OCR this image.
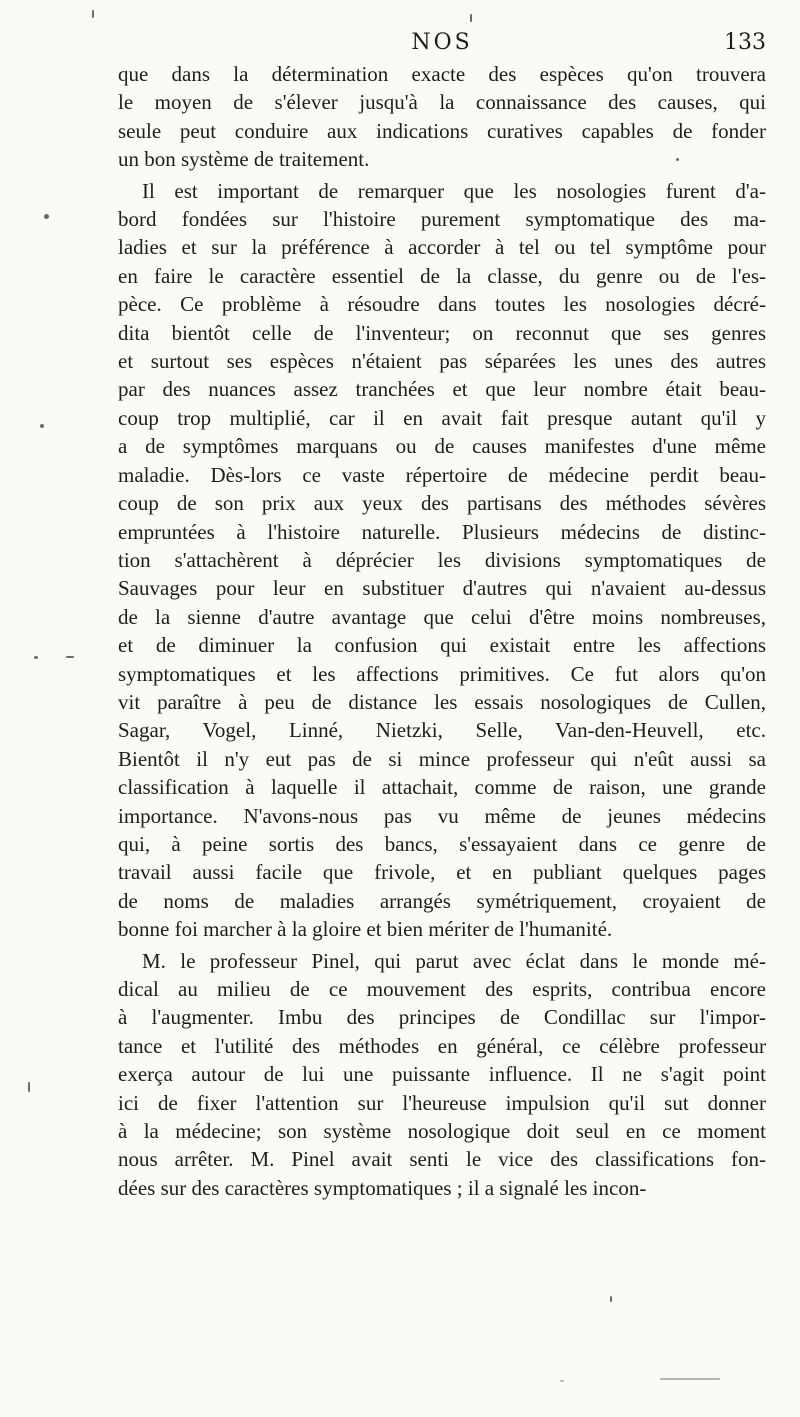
NOS	133
que dans la détermination exacte des espèces qu'on trouvera
le moyen de s'élever jusqu'à la connaissance des causes, qui
seule peut conduire aux indications curatives capables de fonder
un bon système de traitement.
Il est important de remarquer que les nosologies furent d'a-
bord fondées sur l'histoire purement symptomatique des ma-
ladies et sur la préférence à accorder à tel ou tel symptôme pour
en faire le caractère essentiel de la classe, du genre ou de l'es-
pèce. Ce problème à résoudre dans toutes les nosologies décré-
dita bientôt celle de l'inventeur; on reconnut que ses genres
et surtout ses espèces n'étaient pas séparées les unes des autres
par des nuances assez tranchées et que leur nombre était beau-
coup trop multiplié, car il en avait fait presque autant qu'il y
a de symptômes marquans ou de causes manifestes d'une même
maladie. Dès-lors ce vaste répertoire de médecine perdit beau-
coup de son prix aux yeux des partisans des méthodes sévères
empruntées à l'histoire naturelle. Plusieurs médecins de distinc-
tion s'attachèrent à déprécier les divisions symptomatiques de
Sauvages pour leur en substituer d'autres qui n'avaient au-dessus
de la sienne d'autre avantage que celui d'être moins nombreuses,
et de diminuer la confusion qui existait entre les affections
symptomatiques et les affections primitives. Ce fut alors qu'on
vit paraître à peu de distance les essais nosologiques de Cullen,
Sagar, Vogel, Linné, Nietzki, Selle, Van-den-Heuvell, etc.
Bientôt il n'y eut pas de si mince professeur qui n'eût aussi sa
classification à laquelle il attachait, comme de raison, une grande
importance. N'avons-nous pas vu même de jeunes médecins
qui, à peine sortis des bancs, s'essayaient dans ce genre de
travail aussi facile que frivole, et en publiant quelques pages
de noms de maladies arrangés symétriquement, croyaient de
bonne foi marcher à la gloire et bien mériter de l'humanité.
M. le professeur Pinel, qui parut avec éclat dans le monde mé-
dical au milieu de ce mouvement des esprits, contribua encore
à l'augmenter. Imbu des principes de Condillac sur l'impor-
tance et l'utilité des méthodes en général, ce célèbre professeur
exerça autour de lui une puissante influence. Il ne s'agit point
ici de fixer l'attention sur l'heureuse impulsion qu'il sut donner
à la médecine; son système nosologique doit seul en ce moment
nous arrêter. M. Pinel avait senti le vice des classifications fon-
dées sur des caractères symptomatiques ; il a signalé les incon-
